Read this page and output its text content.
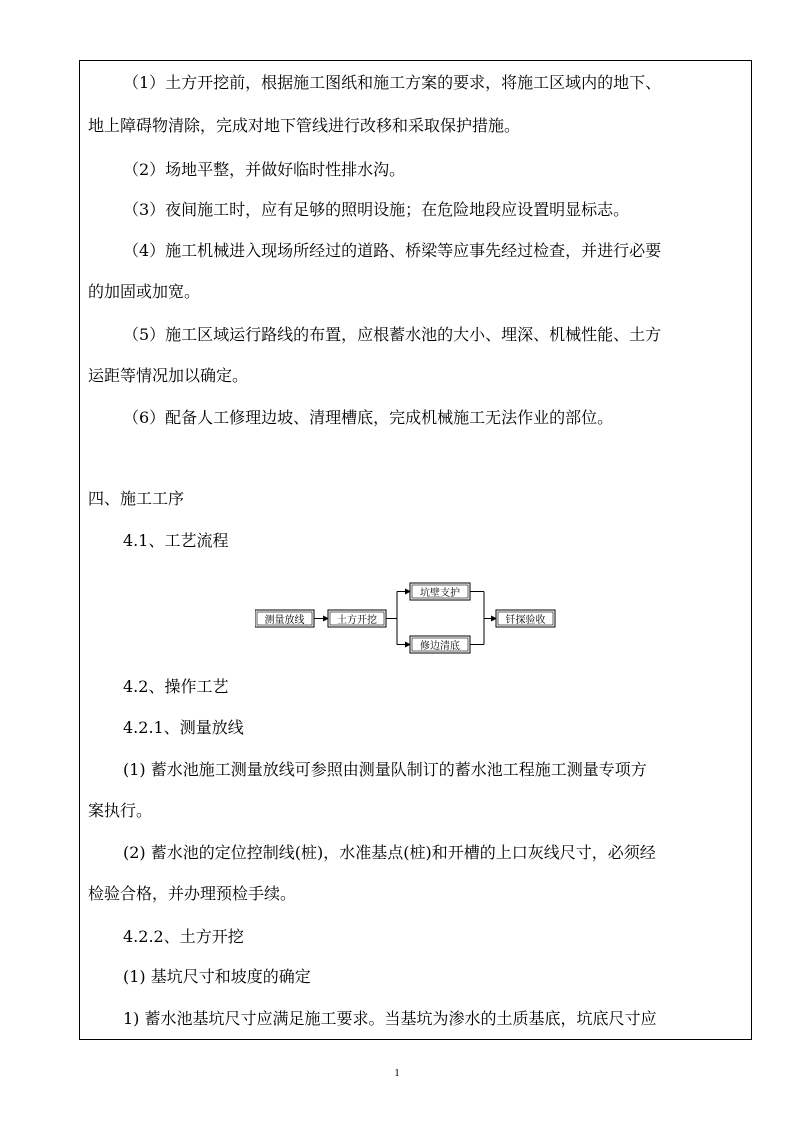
（1）土方开挖前，根据施工图纸和施工方案的要求，将施工区域内的地下、
地上障碍物清除，完成对地下管线进行改移和采取保护措施。
（2）场地平整，并做好临时性排水沟。
（3）夜间施工时，应有足够的照明设施；在危险地段应设置明显标志。
（4）施工机械进入现场所经过的道路、桥梁等应事先经过检查，并进行必要
的加固或加宽。
（5）施工区域运行路线的布置，应根蓄水池的大小、埋深、机械性能、土方
运距等情况加以确定。
（6）配备人工修理边坡、清理槽底，完成机械施工无法作业的部位。
四、施工工序
4.1、工艺流程
测量放线	土方开挖
坑壁支护
修边清底
钎探验收
4.2、操作工艺
4.2.1、测量放线
(1) 蓄水池施工测量放线可参照由测量队制订的蓄水池工程施工测量专项方
案执行。
(2) 蓄水池的定位控制线(桩)，水准基点(桩)和开槽的上口灰线尺寸，必须经
检验合格，并办理预检手续。
4.2.2、土方开挖
(1) 基坑尺寸和坡度的确定
1) 蓄水池基坑尺寸应满足施工要求。当基坑为渗水的土质基底，坑底尺寸应
1
